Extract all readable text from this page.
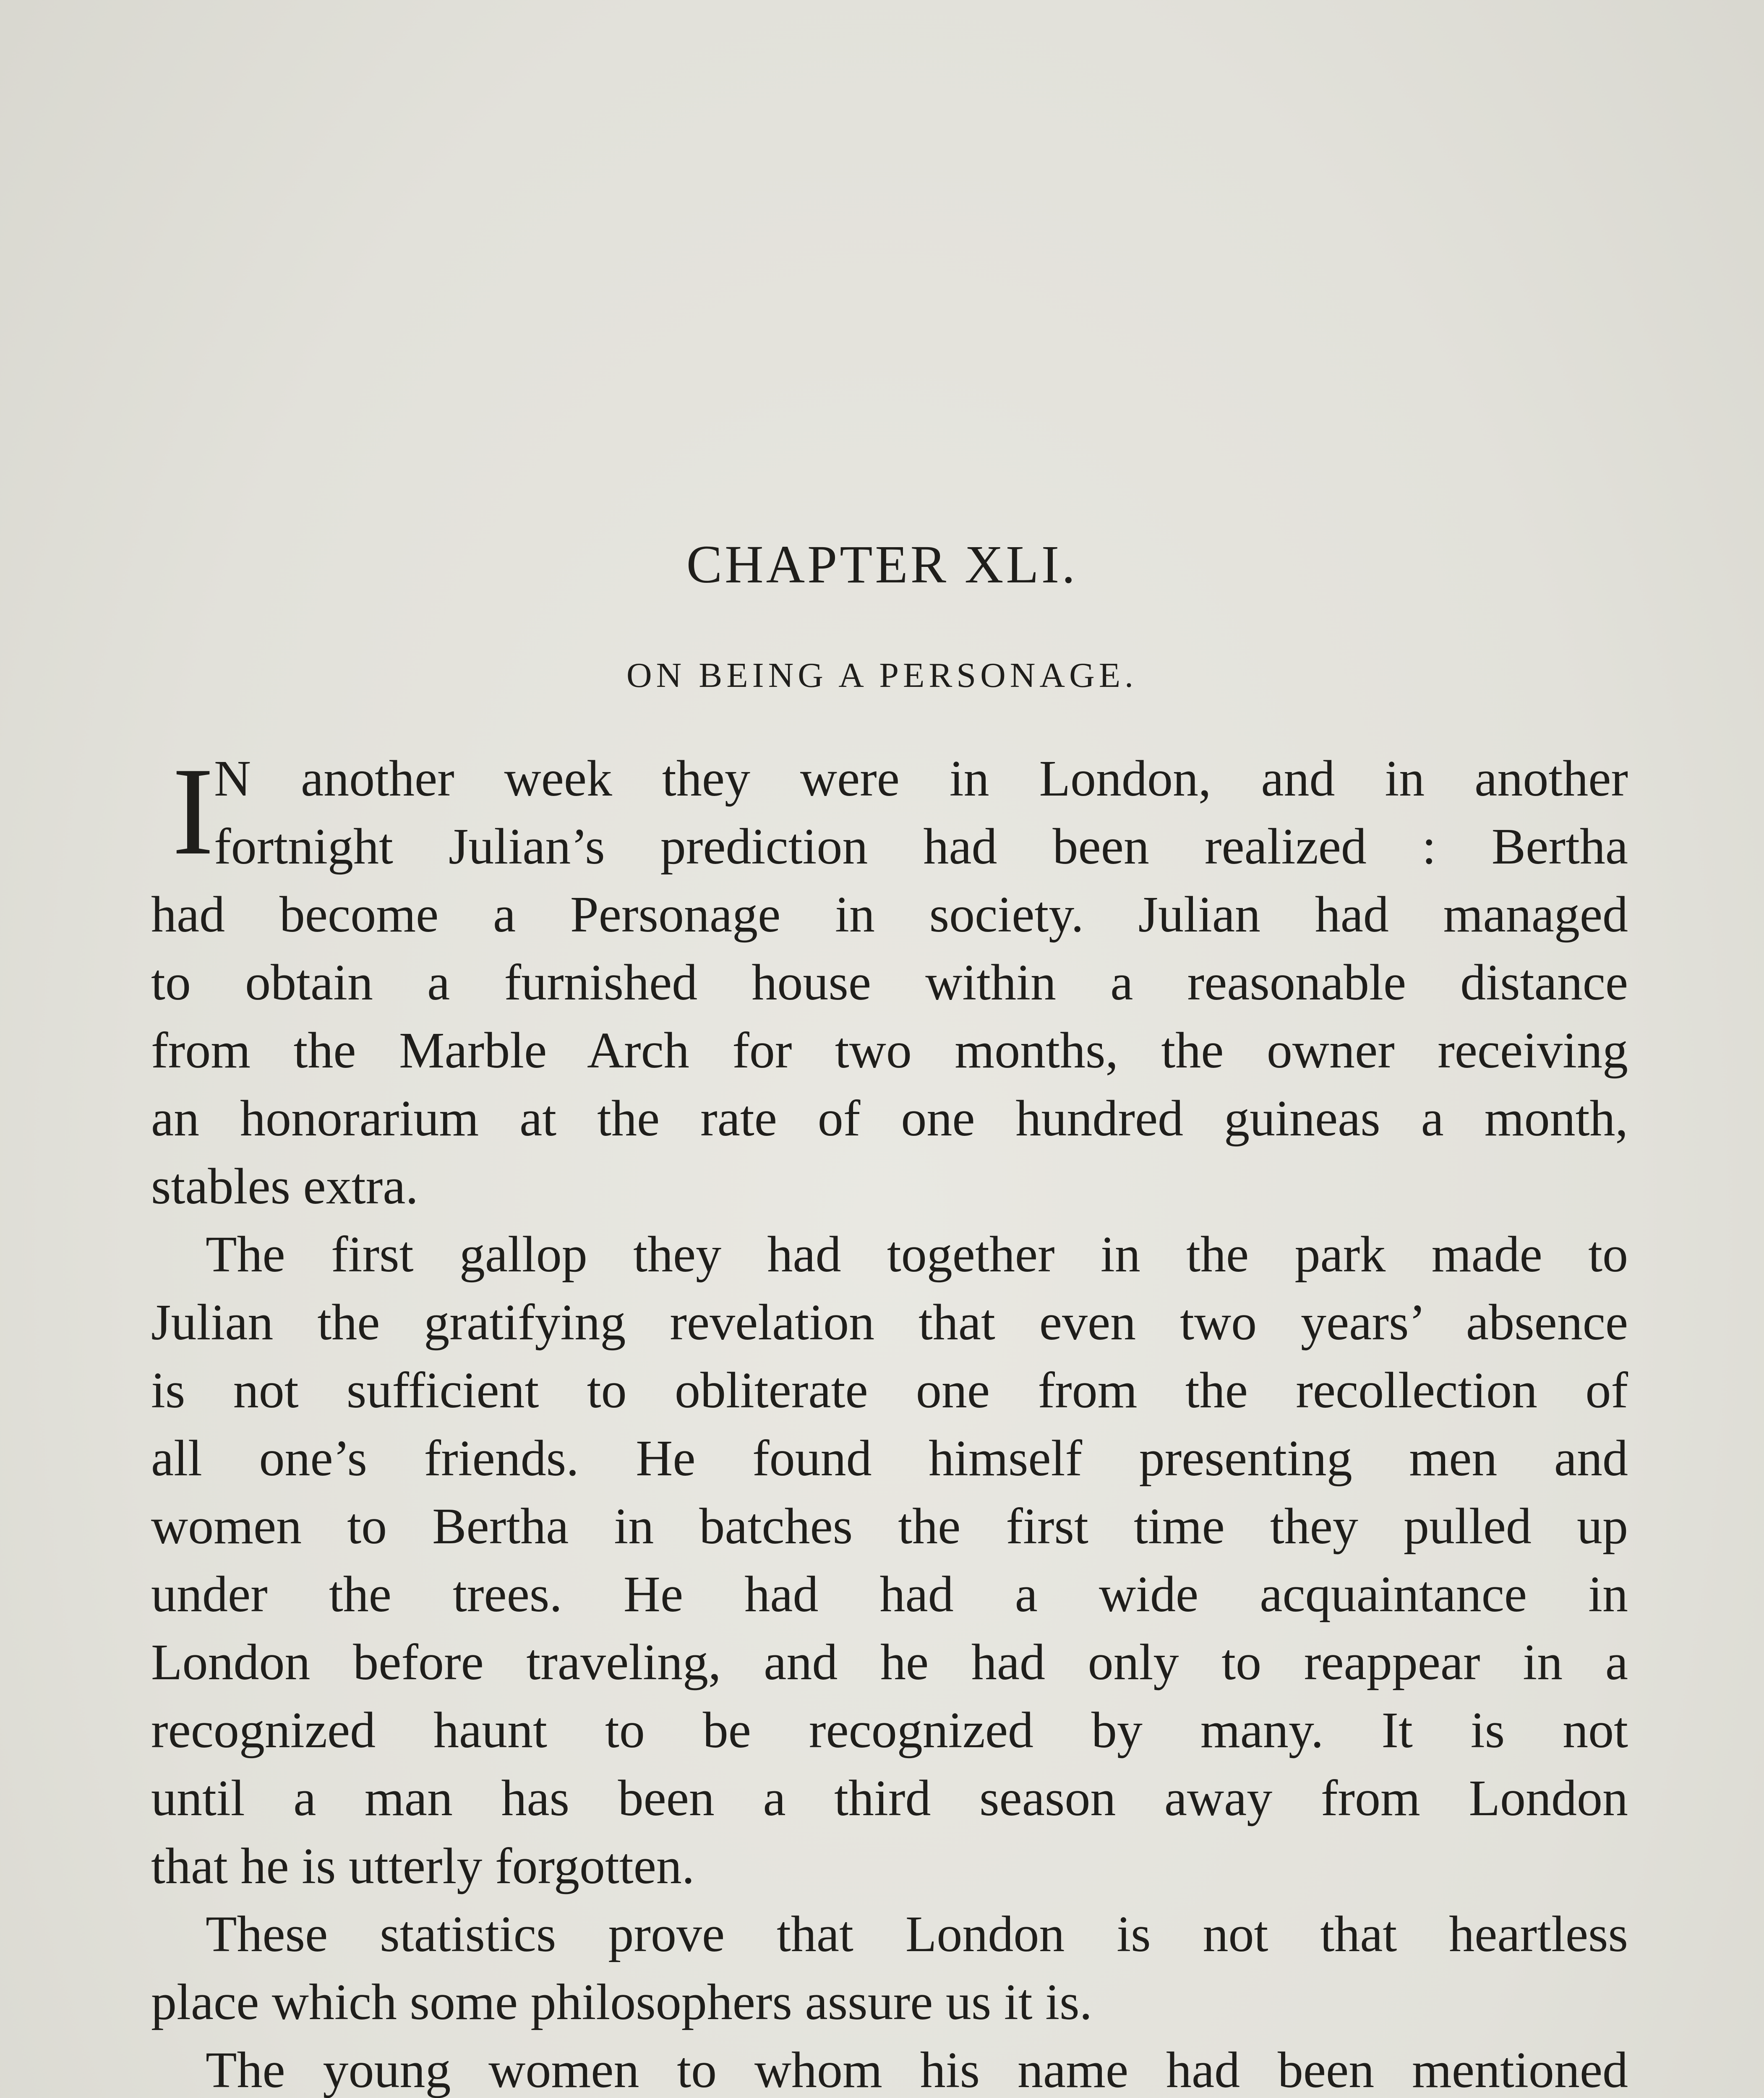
CHAPTER XLI.
ON BEING A PERSONAGE.
I N another week they were in London, and in another
fortnight Julian’s prediction had been realized : Bertha
had become a Personage in society. Julian had managed
to obtain a furnished house within a reasonable distance
from the Marble Arch for two months, the owner receiving
an honorarium at the rate of one hundred guineas a month,
stables extra.
The first gallop they had together in the park made to
Julian the gratifying revelation that even two years’ absence
is not sufficient to obliterate one from the recollection of
all one’s friends. He found himself presenting men and
women to Bertha in batches the first time they pulled up
under the trees. He had had a wide acquaintance in
London before traveling, and he had only to reappear in a
recognized haunt to be recognized by many. It is not
until a man has been a third season away from London
that he is utterly forgotten.
These statistics prove that London is not that heartless
place which some philosophers assure us it is.
The young women to whom his name had been mentioned
